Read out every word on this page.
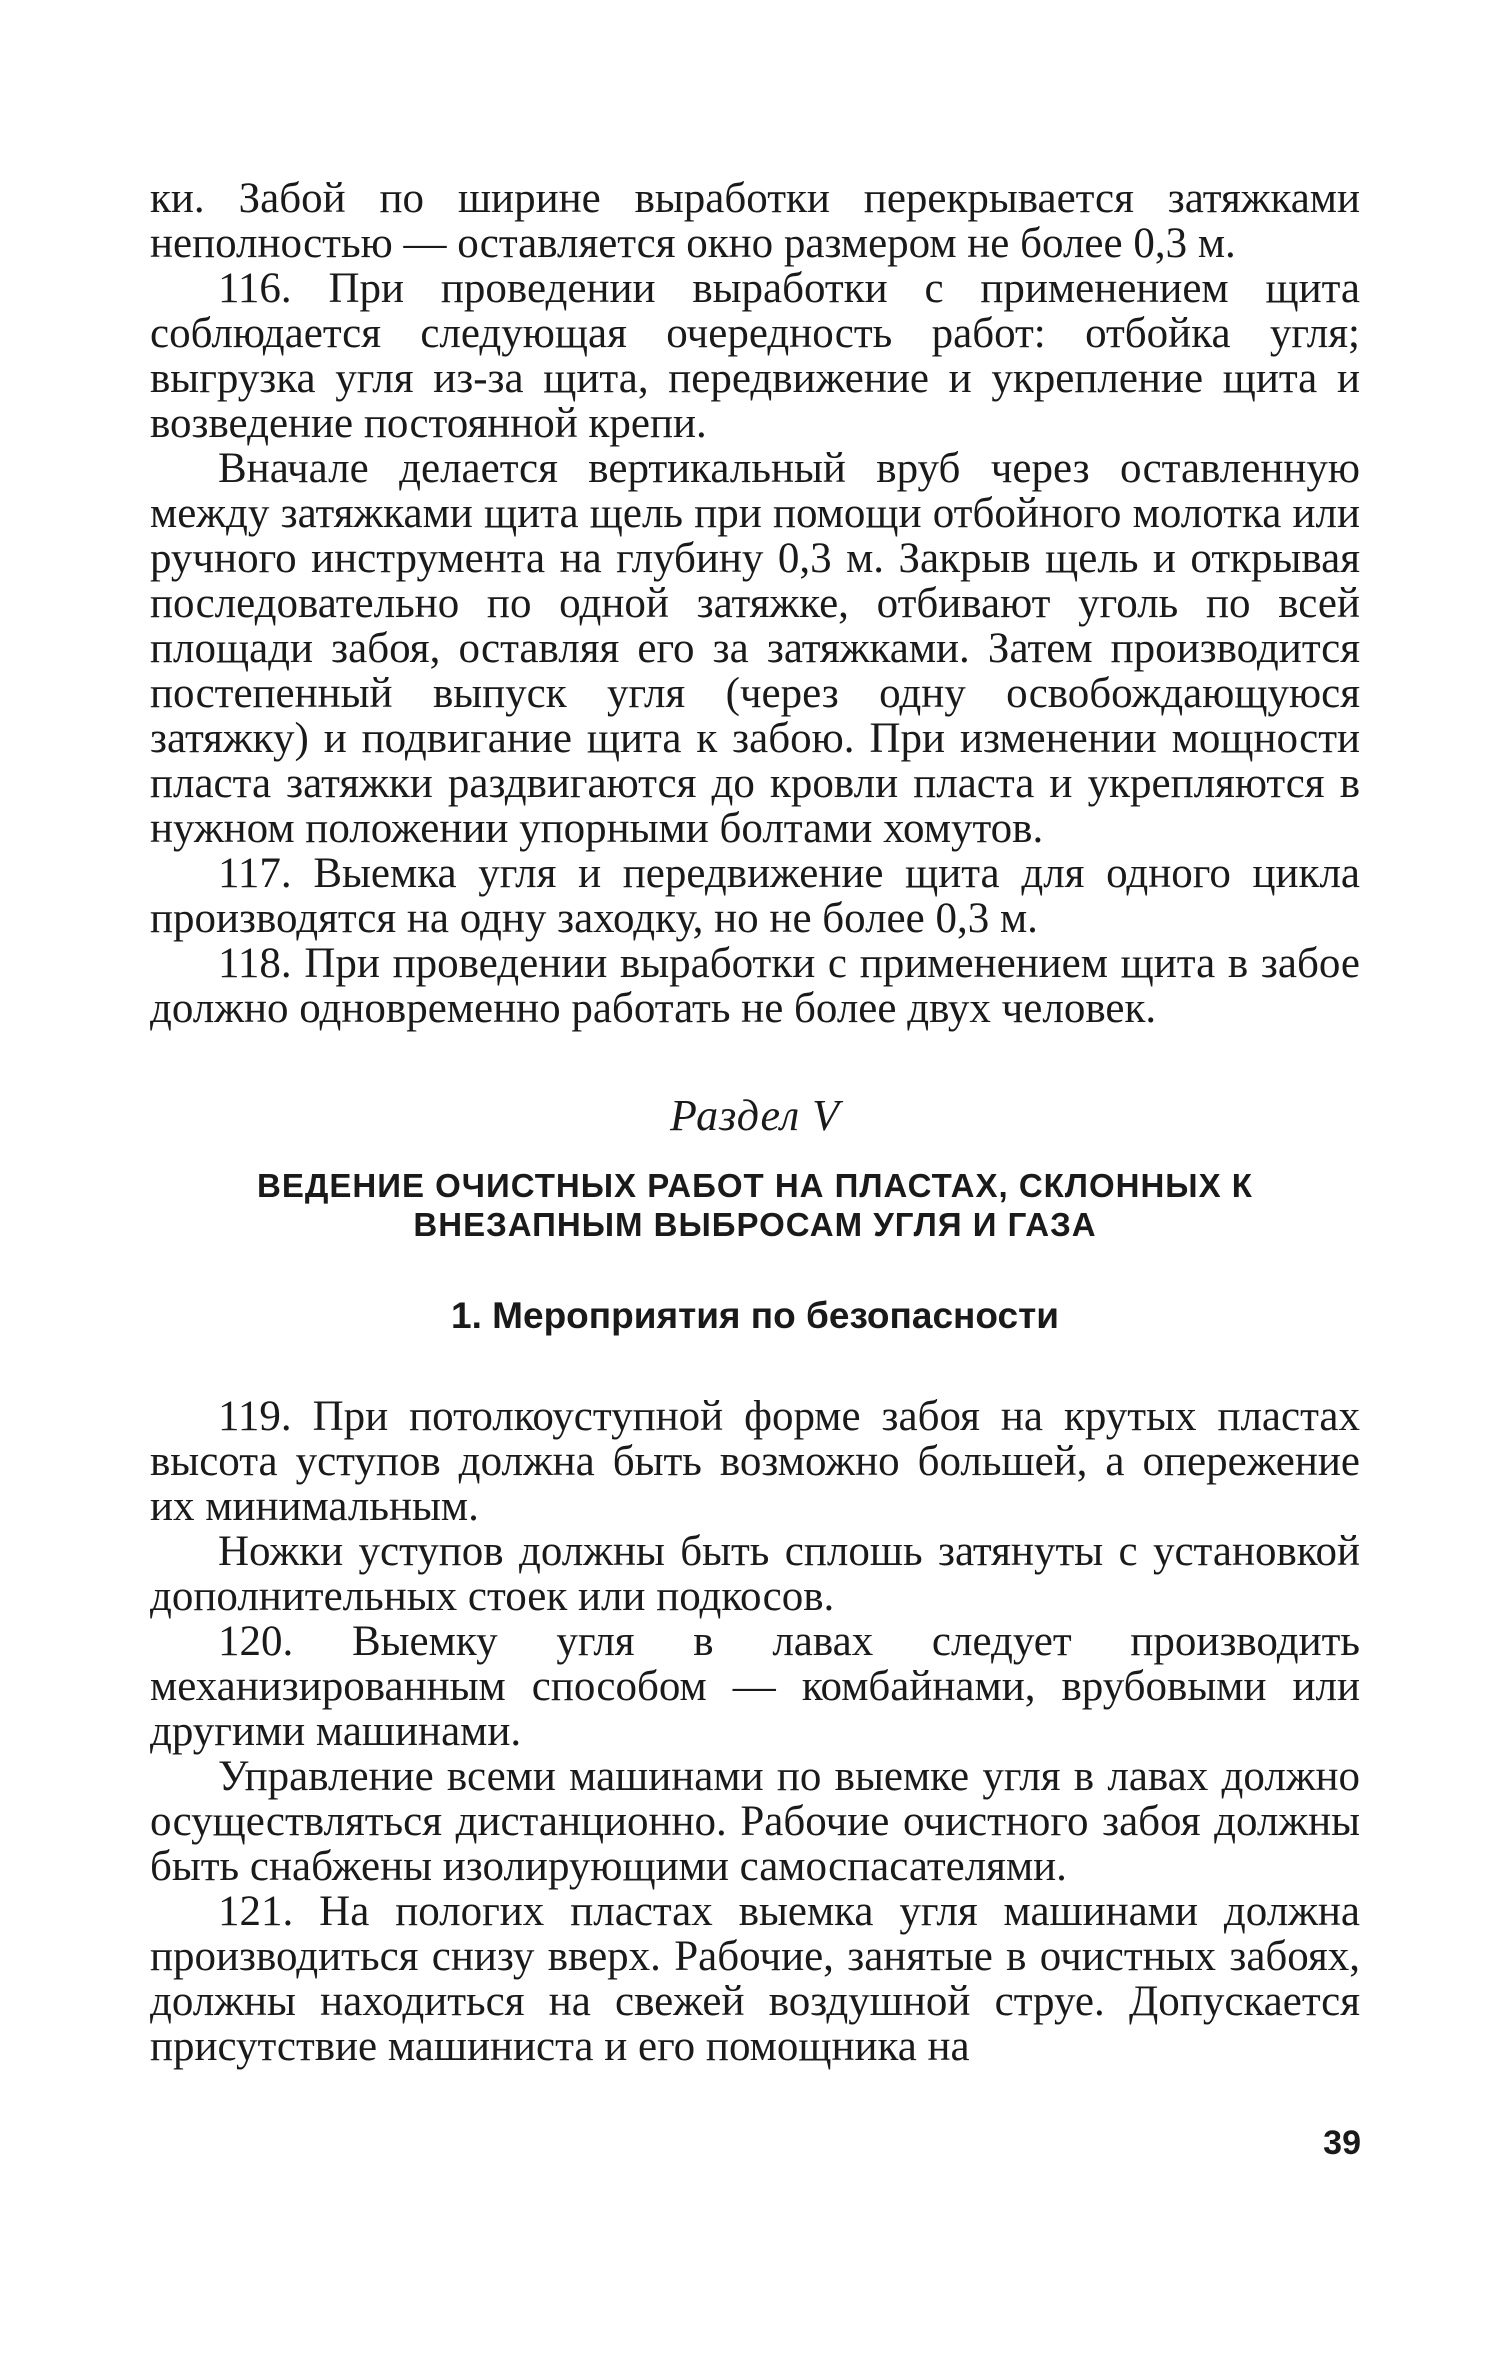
ки. Забой по ширине выработки перекрывается затяжками неполностью — оставляется окно размером не более 0,3 м.

116. При проведении выработки с применением щита соблюдается следующая очередность работ: отбойка угля; выгрузка угля из-за щита, передвижение и укрепление щита и возведение постоянной крепи.

Вначале делается вертикальный вруб через оставленную между затяжками щита щель при помощи отбойного молотка или ручного инструмента на глубину 0,3 м. Закрыв щель и открывая последовательно по одной затяжке, отбивают уголь по всей площади забоя, оставляя его за затяжками. Затем производится постепенный выпуск угля (через одну освобождающуюся затяжку) и подвигание щита к забою. При изменении мощности пласта затяжки раздвигаются до кровли пласта и укрепляются в нужном положении упорными болтами хомутов.

117. Выемка угля и передвижение щита для одного цикла производятся на одну заходку, но не более 0,3 м.

118. При проведении выработки с применением щита в забое должно одновременно работать не более двух человек.

Раздел V
ВЕДЕНИЕ ОЧИСТНЫХ РАБОТ НА ПЛАСТАХ, СКЛОННЫХ К
ВНЕЗАПНЫМ ВЫБРОСАМ УГЛЯ И ГАЗА
1. Мероприятия по безопасности

119. При потолкоуступной форме забоя на крутых пластах высота уступов должна быть возможно большей, а опережение их минимальным.

Ножки уступов должны быть сплошь затянуты с установкой дополнительных стоек или подкосов.

120. Выемку угля в лавах следует производить механизированным способом — комбайнами, врубовыми или другими машинами.

Управление всеми машинами по выемке угля в лавах должно осуществляться дистанционно. Рабочие очистного забоя должны быть снабжены изолирующими самоспасателями.

121. На пологих пластах выемка угля машинами должна производиться снизу вверх. Рабочие, занятые в очистных забоях, должны находиться на свежей воздушной струе. Допускается присутствие машиниста и его помощника на

39
